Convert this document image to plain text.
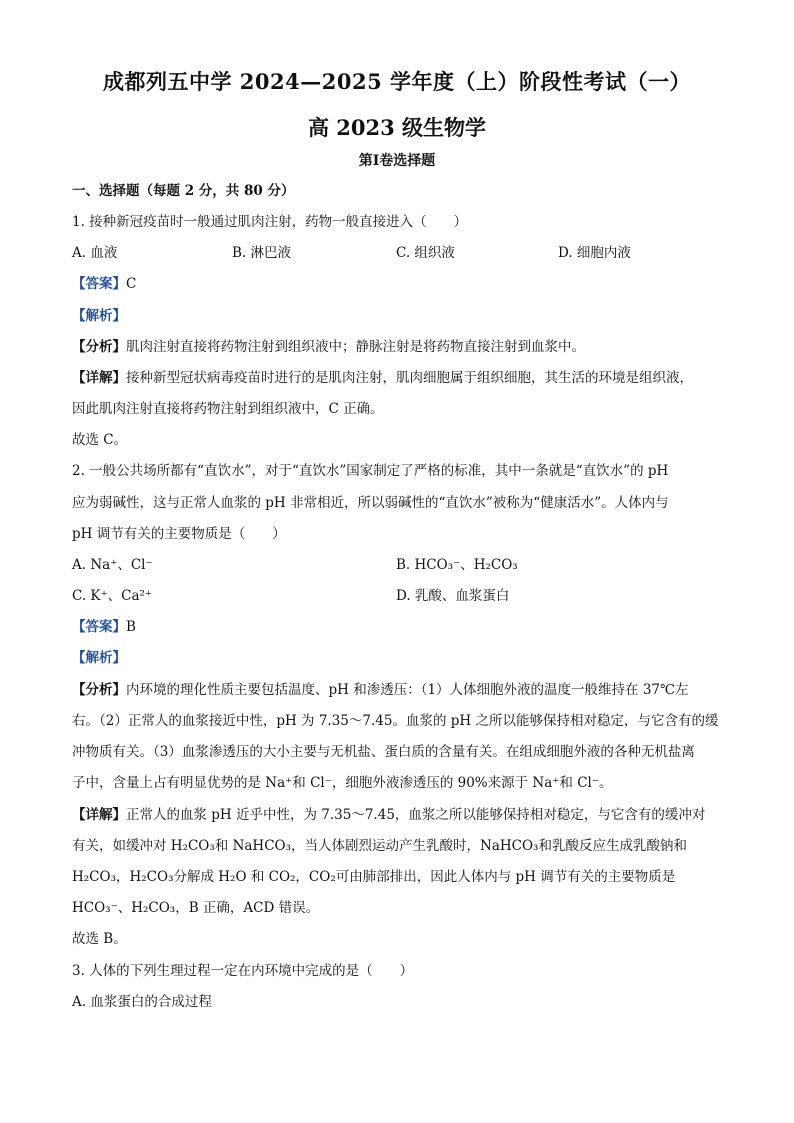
成都列五中学 2024—2025 学年度（上）阶段性考试（一）
高 2023 级生物学
第Ⅰ卷选择题
一、选择题（每题 2 分，共 80 分）
1. 接种新冠疫苗时一般通过肌肉注射，药物一般直接进入（　　）
A. 血液	B. 淋巴液	C. 组织液	D. 细胞内液
【答案】C
【解析】
【分析】肌肉注射直接将药物注射到组织液中；静脉注射是将药物直接注射到血浆中。
【详解】接种新型冠状病毒疫苗时进行的是肌肉注射，肌肉细胞属于组织细胞，其生活的环境是组织液，
因此肌肉注射直接将药物注射到组织液中，C 正确。
故选 C。
2. 一般公共场所都有“直饮水”，对于“直饮水”国家制定了严格的标准，其中一条就是“直饮水”的 pH
应为弱碱性，这与正常人血浆的 pH 非常相近，所以弱碱性的“直饮水”被称为“健康活水”。人体内与
pH 调节有关的主要物质是（　　）
A. Na⁺、Cl⁻	B. HCO₃⁻、H₂CO₃
C. K⁺、Ca²⁺	D. 乳酸、血浆蛋白
【答案】B
【解析】
【分析】内环境的理化性质主要包括温度、pH 和渗透压：（1）人体细胞外液的温度一般维持在 37℃左
右。（2）正常人的血浆接近中性，pH 为 7.35～7.45。血浆的 pH 之所以能够保持相对稳定，与它含有的缓
冲物质有关。（3）血浆渗透压的大小主要与无机盐、蛋白质的含量有关。在组成细胞外液的各种无机盐离
子中，含量上占有明显优势的是 Na⁺和 Cl⁻，细胞外液渗透压的 90%来源于 Na⁺和 Cl⁻。
【详解】正常人的血浆 pH 近乎中性，为 7.35～7.45，血浆之所以能够保持相对稳定，与它含有的缓冲对
有关，如缓冲对 H₂CO₃和 NaHCO₃，当人体剧烈运动产生乳酸时，NaHCO₃和乳酸反应生成乳酸钠和
H₂CO₃，H₂CO₃分解成 H₂O 和 CO₂，CO₂可由肺部排出，因此人体内与 pH 调节有关的主要物质是
HCO₃⁻、H₂CO₃，B 正确，ACD 错误。
故选 B。
3. 人体的下列生理过程一定在内环境中完成的是（　　）
A. 血浆蛋白的合成过程
